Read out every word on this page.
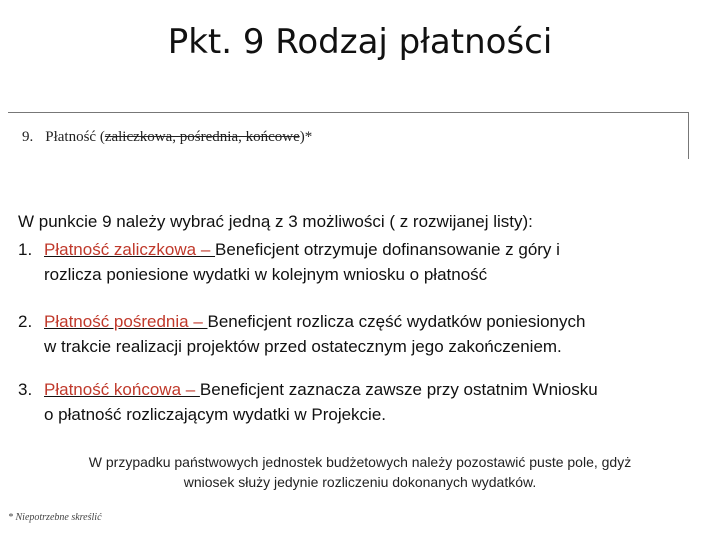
Pkt. 9 Rodzaj płatności
9. Płatność (zaliczkowa, pośrednia, końcowe)*
W punkcie 9 należy wybrać jedną z 3 możliwości ( z rozwijanej listy):
1. Płatność zaliczkowa – Beneficjent otrzymuje dofinansowanie z góry i
rozlicza poniesione wydatki w kolejnym wniosku o płatność
2. Płatność pośrednia – Beneficjent rozlicza część wydatków poniesionych
w trakcie realizacji projektów przed ostatecznym jego zakończeniem.
3. Płatność końcowa – Beneficjent zaznacza zawsze przy ostatnim Wniosku
o płatność rozliczającym wydatki w Projekcie.
W przypadku państwowych jednostek budżetowych należy pozostawić puste pole, gdyż
wniosek służy jedynie rozliczeniu dokonanych wydatków.
* Niepotrzebne skreślić
